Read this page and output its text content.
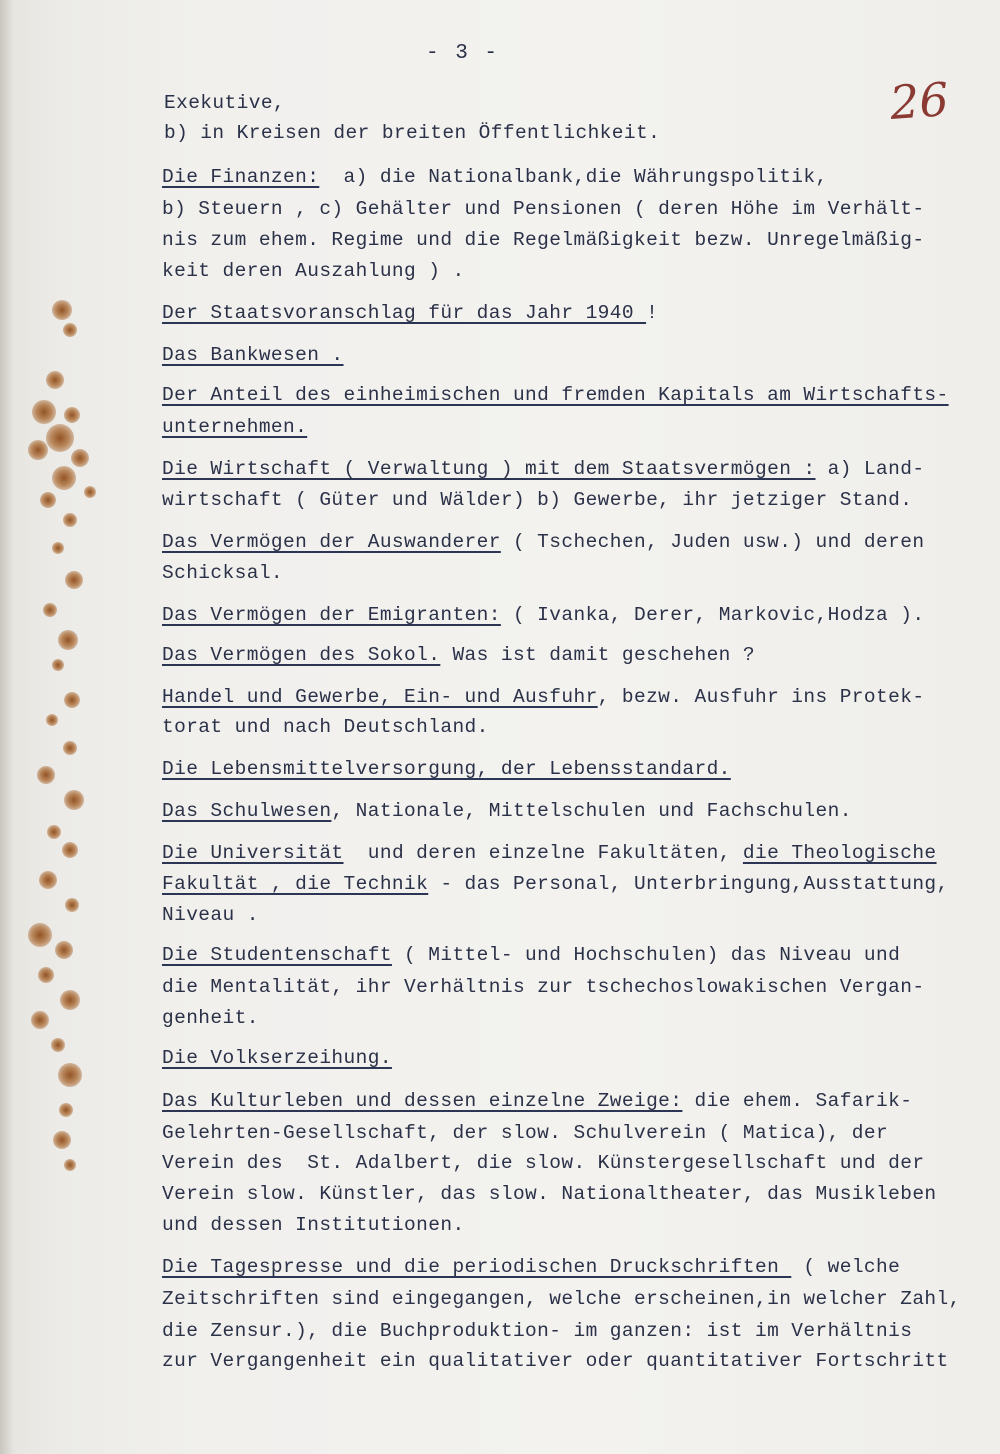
- 3 -
26
Exekutive,
b) in Kreisen der breiten Öffentlichkeit.
Die Finanzen:  a) die Nationalbank,die Währungspolitik,
b) Steuern , c) Gehälter und Pensionen ( deren Höhe im Verhält-
nis zum ehem. Regime und die Regelmäßigkeit bezw. Unregelmäßig-
keit deren Auszahlung ) .
Der Staatsvoranschlag für das Jahr 1940 !
Das Bankwesen .
Der Anteil des einheimischen und fremden Kapitals am Wirtschafts-
unternehmen.
Die Wirtschaft ( Verwaltung ) mit dem Staatsvermögen : a) Land-
wirtschaft ( Güter und Wälder) b) Gewerbe, ihr jetziger Stand.
Das Vermögen der Auswanderer ( Tschechen, Juden usw.) und deren
Schicksal.
Das Vermögen der Emigranten: ( Ivanka, Derer, Markovic,Hodza ).
Das Vermögen des Sokol. Was ist damit geschehen ?
Handel und Gewerbe, Ein- und Ausfuhr, bezw. Ausfuhr ins Protek-
torat und nach Deutschland.
Die Lebensmittelversorgung, der Lebensstandard.
Das Schulwesen, Nationale, Mittelschulen und Fachschulen.
Die Universität  und deren einzelne Fakultäten, die Theologische
Fakultät , die Technik - das Personal, Unterbringung,Ausstattung,
Niveau .
Die Studentenschaft ( Mittel- und Hochschulen) das Niveau und
die Mentalität, ihr Verhältnis zur tschechoslowakischen Vergan-
genheit.
Die Volkserzeihung.
Das Kulturleben und dessen einzelne Zweige: die ehem. Safarik-
Gelehrten-Gesellschaft, der slow. Schulverein ( Matica), der
Verein des  St. Adalbert, die slow. Künstergesellschaft und der
Verein slow. Künstler, das slow. Nationaltheater, das Musikleben
und dessen Institutionen.
Die Tagespresse und die periodischen Druckschriften  ( welche
Zeitschriften sind eingegangen, welche erscheinen,in welcher Zahl,
die Zensur.), die Buchproduktion- im ganzen: ist im Verhältnis
zur Vergangenheit ein qualitativer oder quantitativer Fortschritt
